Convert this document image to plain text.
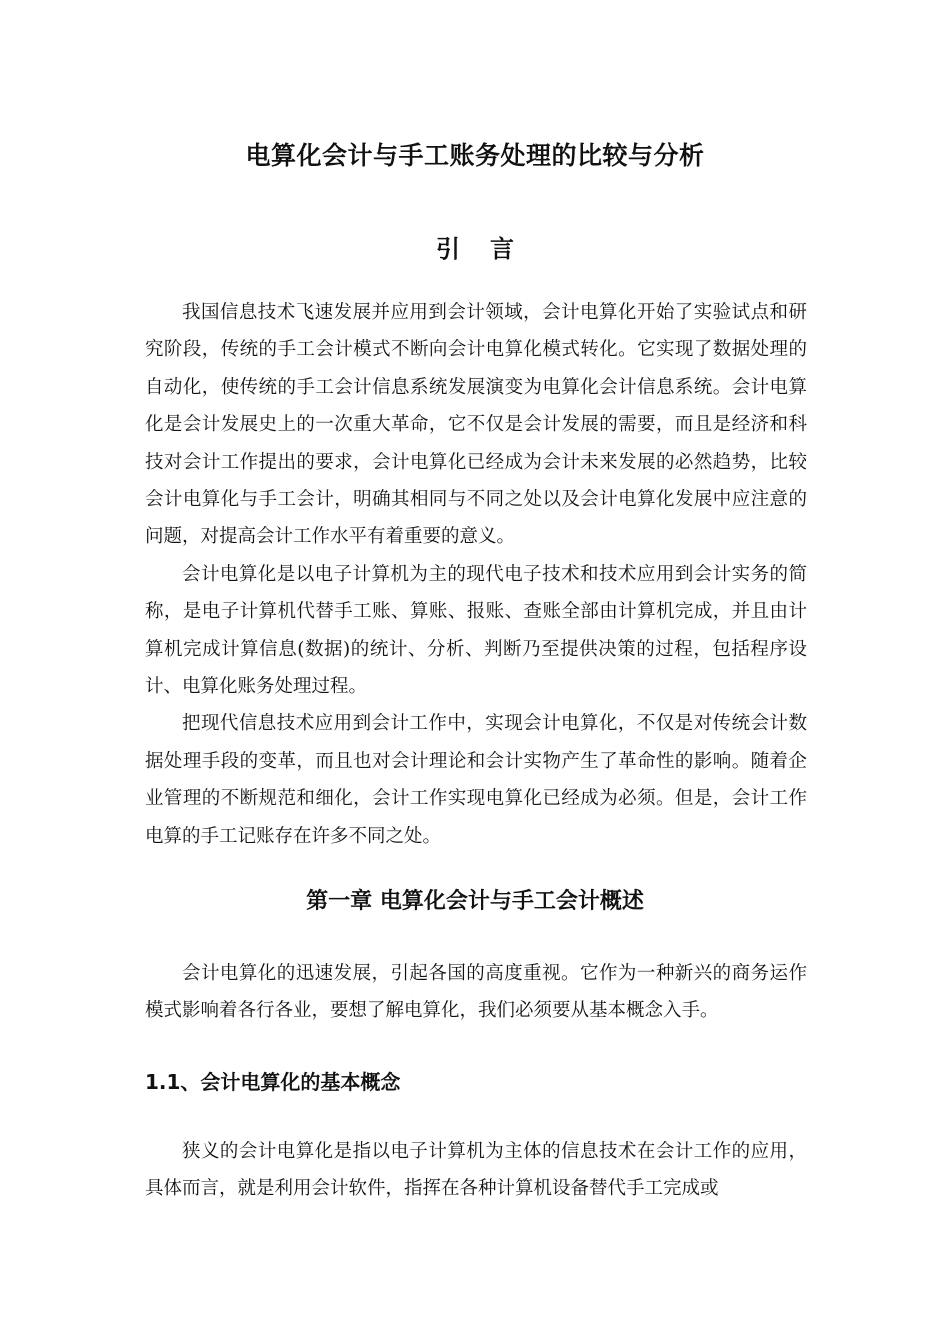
电算化会计与手工账务处理的比较与分析
引言

我国信息技术飞速发展并应用到会计领域，会计电算化开始了实验试点和研究阶段，传统的手工会计模式不断向会计电算化模式转化。它实现了数据处理的自动化，使传统的手工会计信息系统发展演变为电算化会计信息系统。会计电算化是会计发展史上的一次重大革命，它不仅是会计发展的需要，而且是经济和科技对会计工作提出的要求，会计电算化已经成为会计未来发展的必然趋势，比较会计电算化与手工会计，明确其相同与不同之处以及会计电算化发展中应注意的问题，对提高会计工作水平有着重要的意义。

会计电算化是以电子计算机为主的现代电子技术和技术应用到会计实务的简称，是电子计算机代替手工账、算账、报账、查账全部由计算机完成，并且由计算机完成计算信息(数据)的统计、分析、判断乃至提供决策的过程，包括程序设计、电算化账务处理过程。

把现代信息技术应用到会计工作中，实现会计电算化，不仅是对传统会计数据处理手段的变革，而且也对会计理论和会计实物产生了革命性的影响。随着企业管理的不断规范和细化，会计工作实现电算化已经成为必须。但是，会计工作电算的手工记账存在许多不同之处。

第一章 电算化会计与手工会计概述

会计电算化的迅速发展，引起各国的高度重视。它作为一种新兴的商务运作模式影响着各行各业，要想了解电算化，我们必须要从基本概念入手。

1.1、会计电算化的基本概念

狭义的会计电算化是指以电子计算机为主体的信息技术在会计工作的应用，具体而言，就是利用会计软件，指挥在各种计算机设备替代手工完成或
